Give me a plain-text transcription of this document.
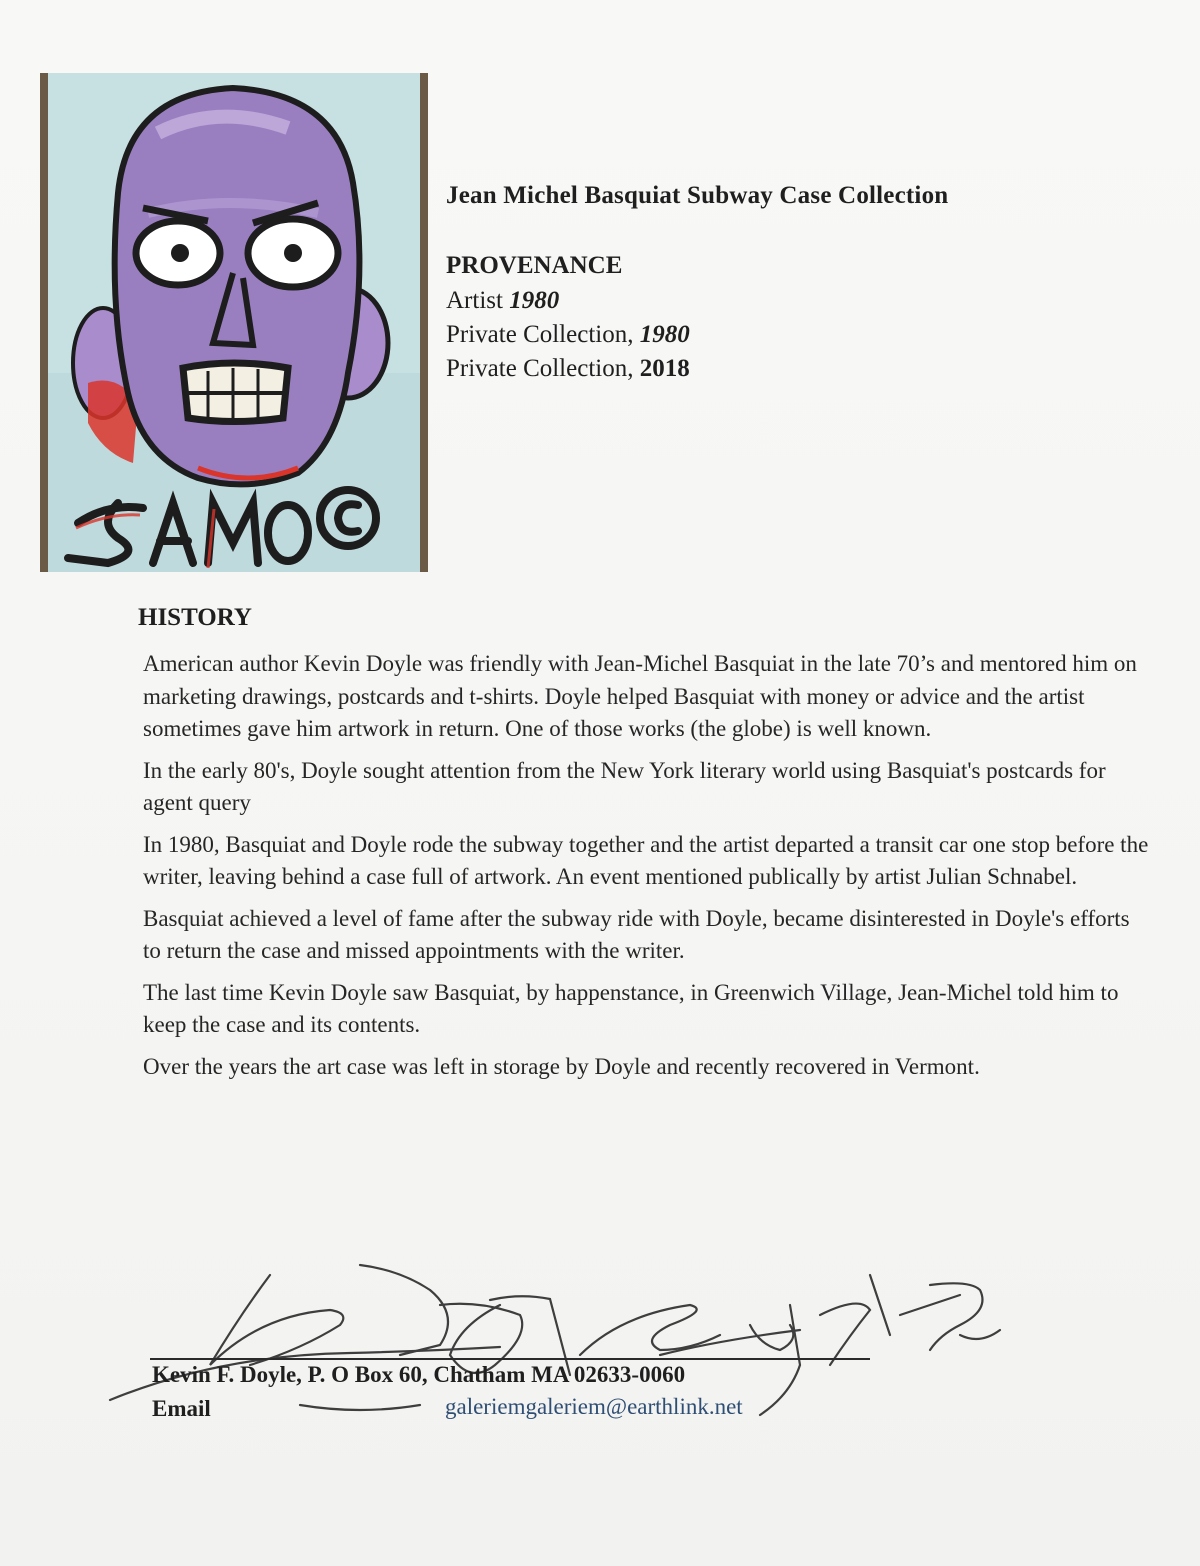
Jean Michel Basquiat Subway Case Collection
PROVENANCE
Artist 1980
Private Collection, 1980
Private Collection, 2018
HISTORY

American author Kevin Doyle was friendly with Jean-Michel Basquiat in the late 70’s and mentored him on marketing drawings, postcards and t-shirts. Doyle helped Basquiat with money or advice and the artist sometimes gave him artwork in return. One of those works (the globe) is well known.

In the early 80's, Doyle sought attention from the New York literary world using Basquiat's postcards for agent query

In 1980, Basquiat and Doyle rode the subway together and the artist departed a transit car one stop before the writer, leaving behind a case full of artwork. An event mentioned publically by artist Julian Schnabel.

Basquiat achieved a level of fame after the subway ride with Doyle, became disinterested in Doyle's efforts to return the case and missed appointments with the writer.

The last time Kevin Doyle saw Basquiat, by happenstance, in Greenwich Village, Jean-Michel told him to keep the case and its contents.

Over the years the art case was left in storage by Doyle and recently recovered in Vermont.

Kevin F. Doyle, P. O Box 60, Chatham MA 02633-0060
Email	galeriemgaleriem@earthlink.net
